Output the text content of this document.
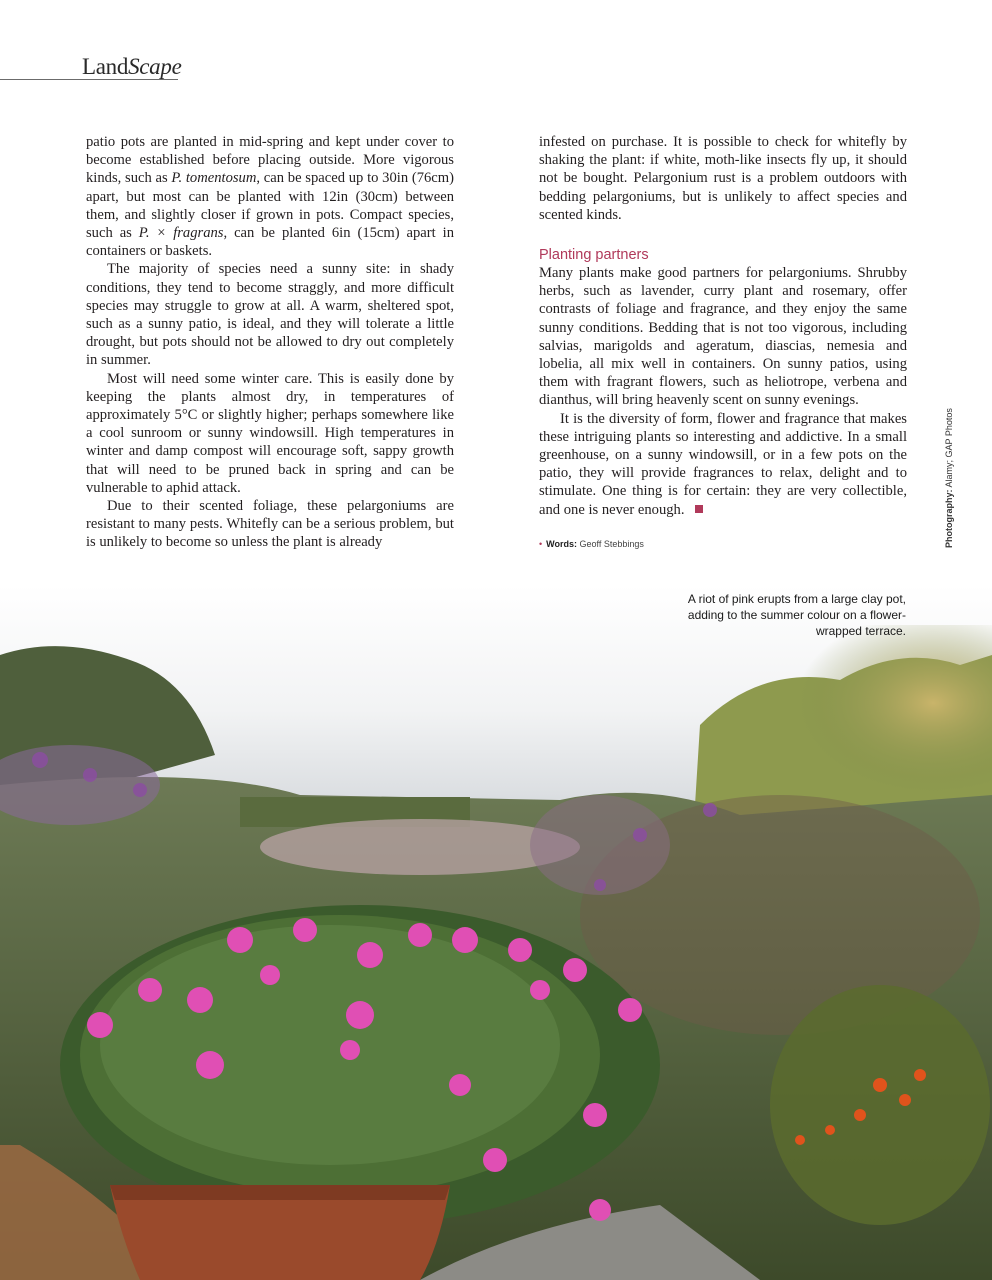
LandScape

patio pots are planted in mid-spring and kept under cover to become established before placing outside. More vigorous kinds, such as P. tomentosum, can be spaced up to 30in (76cm) apart, but most can be planted with 12in (30cm) between them, and slightly closer if grown in pots. Compact species, such as P. × fragrans, can be planted 6in (15cm) apart in containers or baskets.

The majority of species need a sunny site: in shady conditions, they tend to become straggly, and more difficult species may struggle to grow at all. A warm, sheltered spot, such as a sunny patio, is ideal, and they will tolerate a little drought, but pots should not be allowed to dry out completely in summer.

Most will need some winter care. This is easily done by keeping the plants almost dry, in temperatures of approximately 5°C or slightly higher; perhaps somewhere like a cool sunroom or sunny windowsill. High temperatures in winter and damp compost will encourage soft, sappy growth that will need to be pruned back in spring and can be vulnerable to aphid attack.

Due to their scented foliage, these pelargoniums are resistant to many pests. Whitefly can be a serious problem, but is unlikely to become so unless the plant is already

infested on purchase. It is possible to check for whitefly by shaking the plant: if white, moth-like insects fly up, it should not be bought. Pelargonium rust is a problem outdoors with bedding pelargoniums, but is unlikely to affect species and scented kinds.

Planting partners

Many plants make good partners for pelargoniums. Shrubby herbs, such as lavender, curry plant and rosemary, offer contrasts of foliage and fragrance, and they enjoy the same sunny conditions. Bedding that is not too vigorous, including salvias, marigolds and ageratum, diascias, nemesia and lobelia, all mix well in containers. On sunny patios, using them with fragrant flowers, such as heliotrope, verbena and dianthus, will bring heavenly scent on sunny evenings.

It is the diversity of form, flower and fragrance that makes these intriguing plants so interesting and addictive. In a small greenhouse, on a sunny windowsill, or in a few pots on the patio, they will provide fragrances to relax, delight and to stimulate. One thing is for certain: they are very collectible, and one is never enough.

• Words: Geoff Stebbings	Photography: Alamy; GAP Photos
A riot of pink erupts from a large clay pot, adding to the summer colour on a flower-wrapped terrace.
